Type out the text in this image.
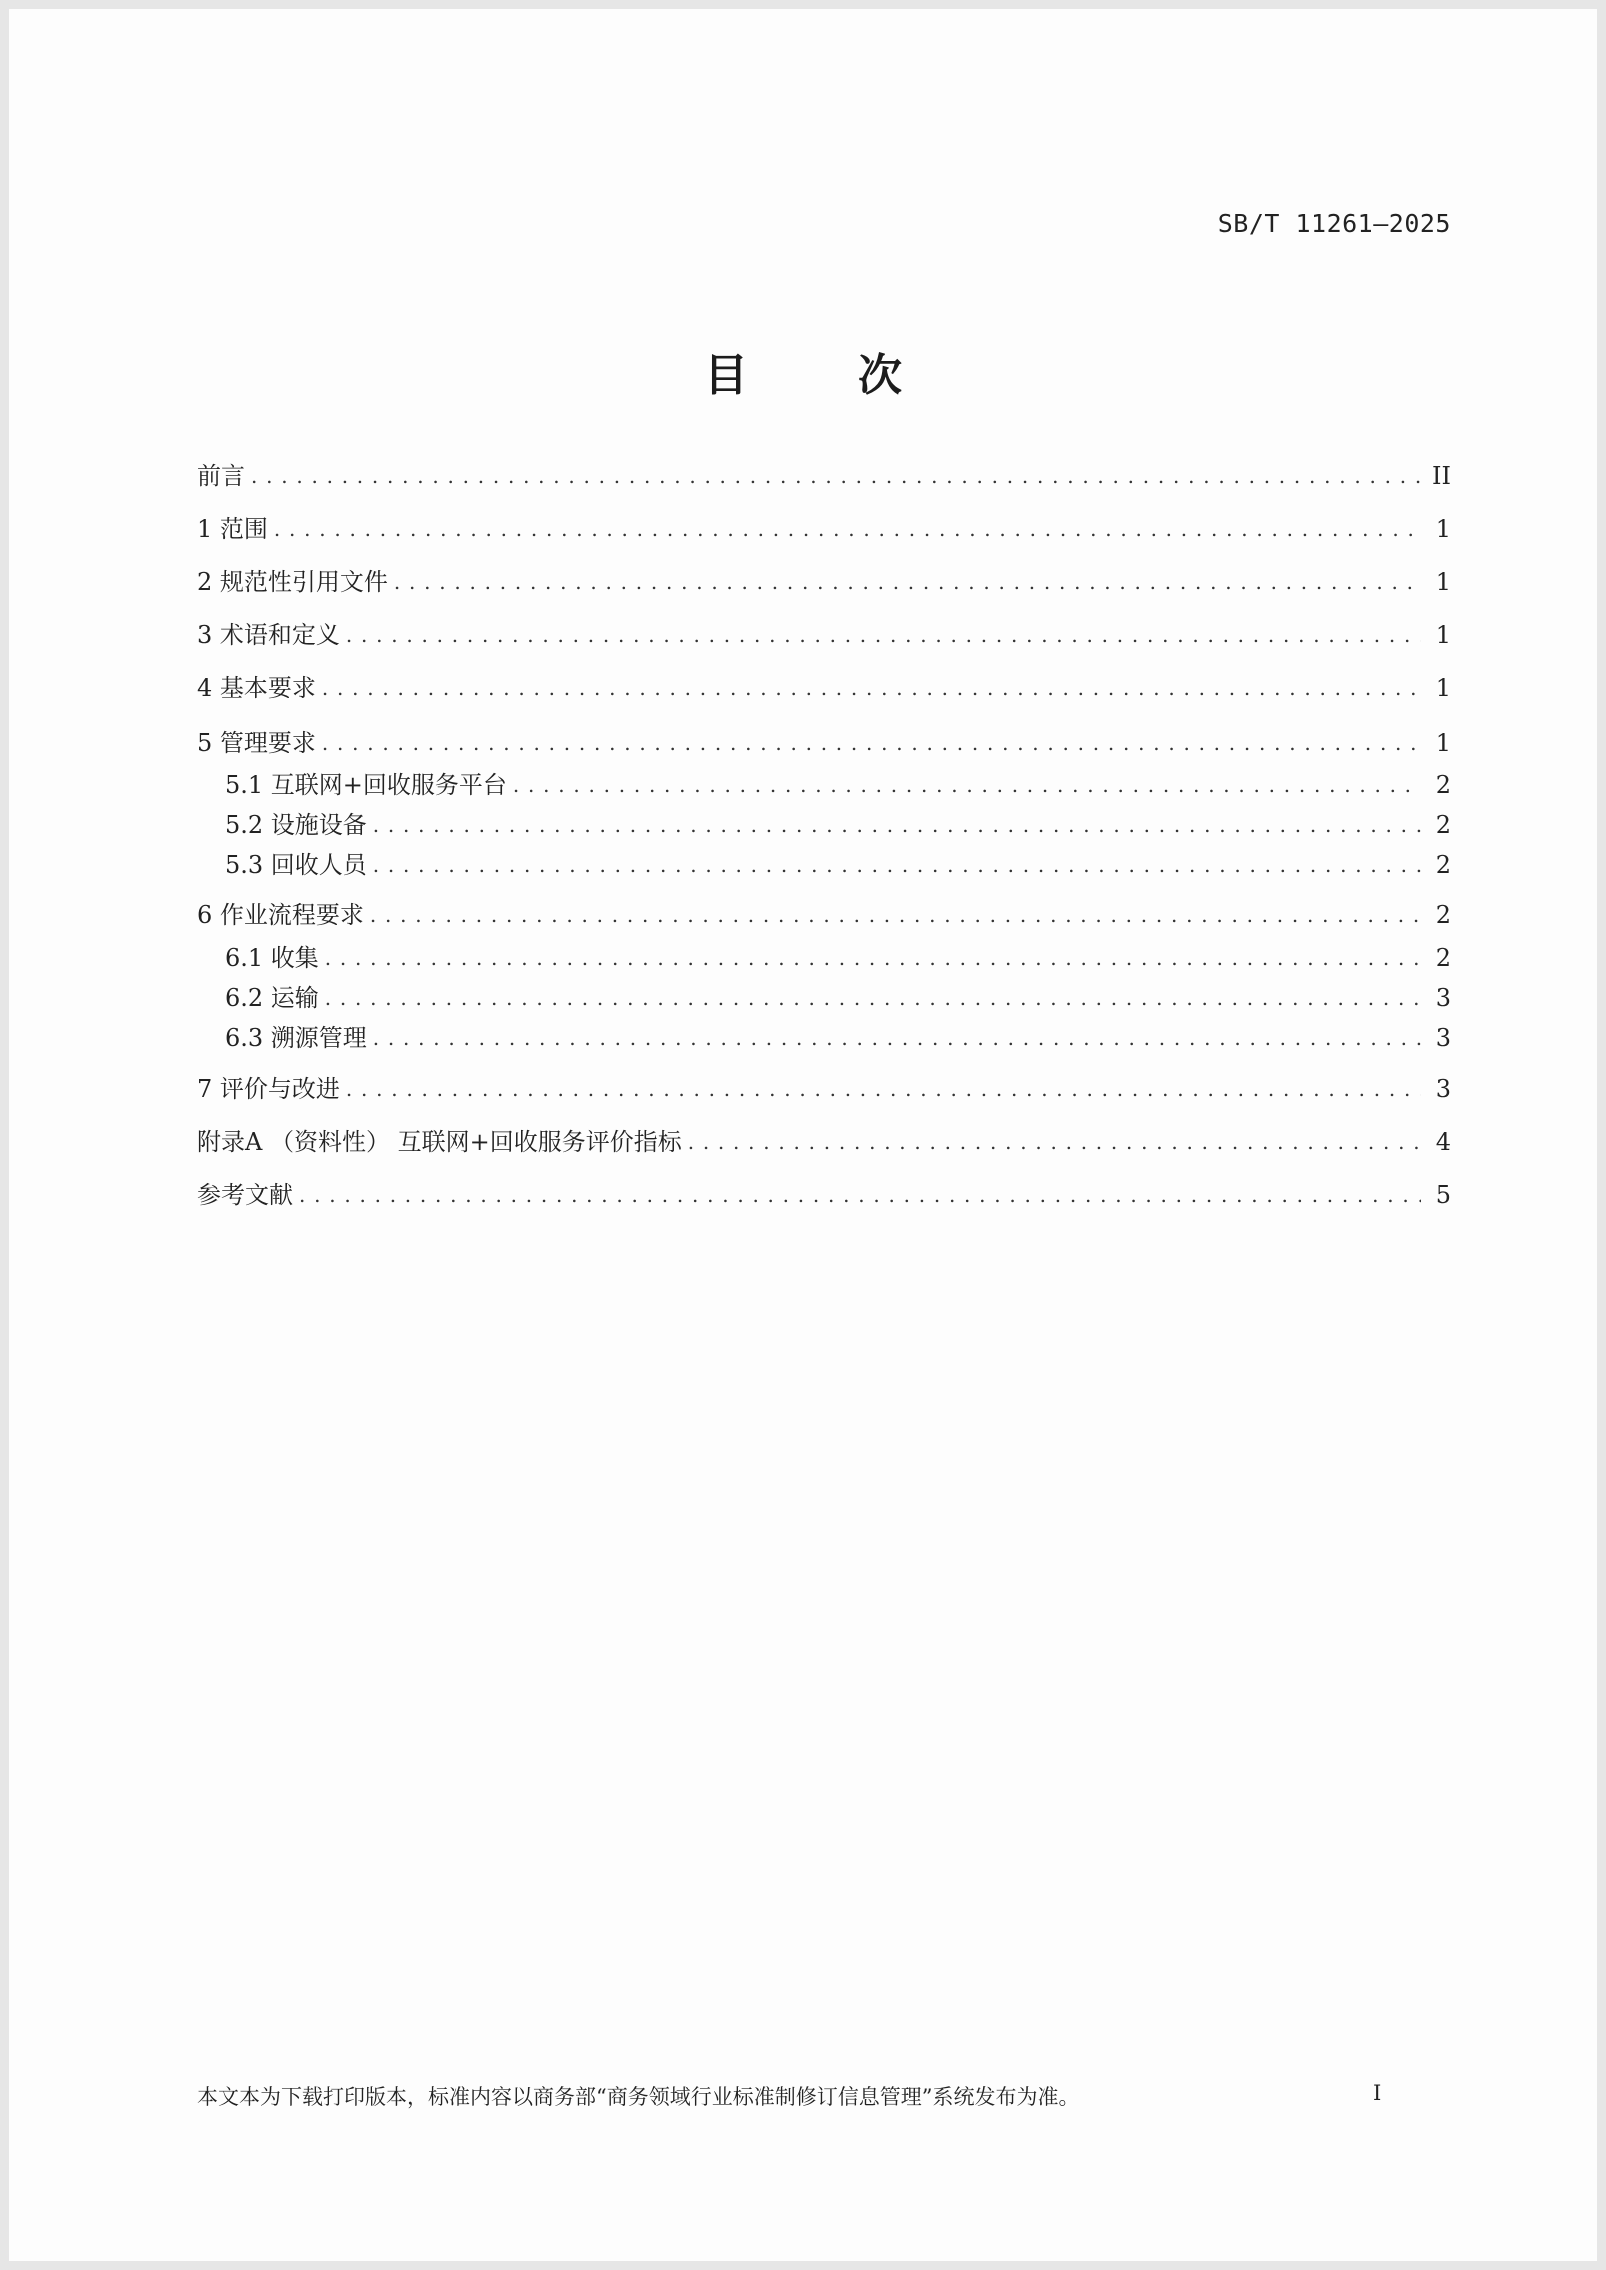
SB/T 11261—2025
目	次
前言 . . .	II
1 范围 . . .	1
2 规范性引用文件 . . .	1
3 术语和定义 . . .	1
4 基本要求 . . .	1
5 管理要求 . . .	1
5.1 互联网+回收服务平台 . . .	2
5.2 设施设备 . . .	2
5.3 回收人员 . . .	2
6 作业流程要求 . . .	2
6.1 收集 . . .	2
6.2 运输 . . .	3
6.3 溯源管理 . . .	3
7 评价与改进 . . .	3
附录A （资料性） 互联网+回收服务评价指标 . . .	4
参考文献 . . .	5
本文本为下载打印版本，标准内容以商务部“商务领域行业标准制修订信息管理”系统发布为准。	I
